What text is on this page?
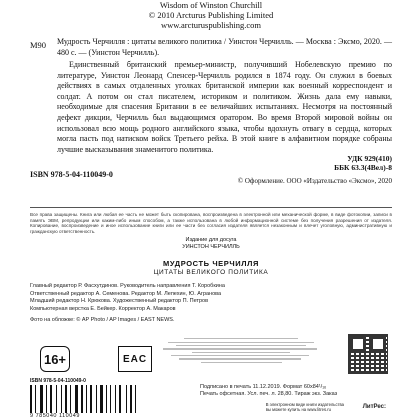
Wisdom of Winston Churchill
© 2010 Arcturus Publishing Limited
www.arcturuspublishing.com
М90 Мудрость Черчилля : цитаты великого политика / Уинстон Черчилль. — Москва : Эксмо, 2020. — 480 с. — (Уинстон Черчилль).
Единственный британский премьер-министр, получивший Нобелевскую премию по литературе, Уинстон Леонард Спенсер-Черчилль родился в 1874 году. Он служил в боевых действиях в самых отдаленных уголках британской империи как военный корреспондент и солдат. А потом он стал писателем, историком и политиком. Жизнь дала ему навыки, необходимые для спасения Британии в ее величайших испытаниях. Несмотря на постоянный дефект дикции, Черчилль был выдающимся оратором. Во время Второй мировой войны он использовал всю мощь родного английского языка, чтобы вдохнуть отвагу в сердца, которых могла пасть под натиском войск Третьего рейха. В этой книге в алфавитном порядке собраны лучшие высказывания знаменитого политика.
УДК 929(410)
ББК 63.3(4Вел)-8
ISBN 978-5-04-110049-0
© Оформление. ООО «Издательство «Эксмо», 2020
Все права защищены. Книга или любая ее часть не может быть скопирована, воспроизведена в электронной или механической форме, в виде фотокопии, записи в память ЭВМ, репродукции или каким-либо иным способом, а также использована в любой информационной системе без получения разрешения от издателя. Копирование, воспроизведение и иное использование книги или ее части без согласия издателя является незаконным и влечет уголовную, административную и гражданскую ответственность.
Издание для досуга
УИНСТОН ЧЕРЧИЛЛЬ
МУДРОСТЬ ЧЕРЧИЛЛЯ
ЦИТАТЫ ВЕЛИКОГО ПОЛИТИКА
Главный редактор Р. Фасхутдинов. Руководитель направления Т. Коробкина
Ответственный редактор А. Семенова. Редактор М. Лепехин, Ю. Агранова
Младший редактор Н. Крюкова. Художественный редактор П. Петров
Компьютерная верстка Е. Бейкер. Корректор А. Макаров
Фото на обложке: © AP Photo / AP Images / EAST NEWS.
16+	EAC
Подписано в печать 11.12.2019. Формат 60x84¹/₁₆
Печать офсетная. Усл. печ. л. 28,80. Тираж экз. Заказ
ISBN 978-5-04-110049-0
9 785040 110049
В электронном виде книги издательства
вы можете купить на www.litres.ru	ЛитРес:
